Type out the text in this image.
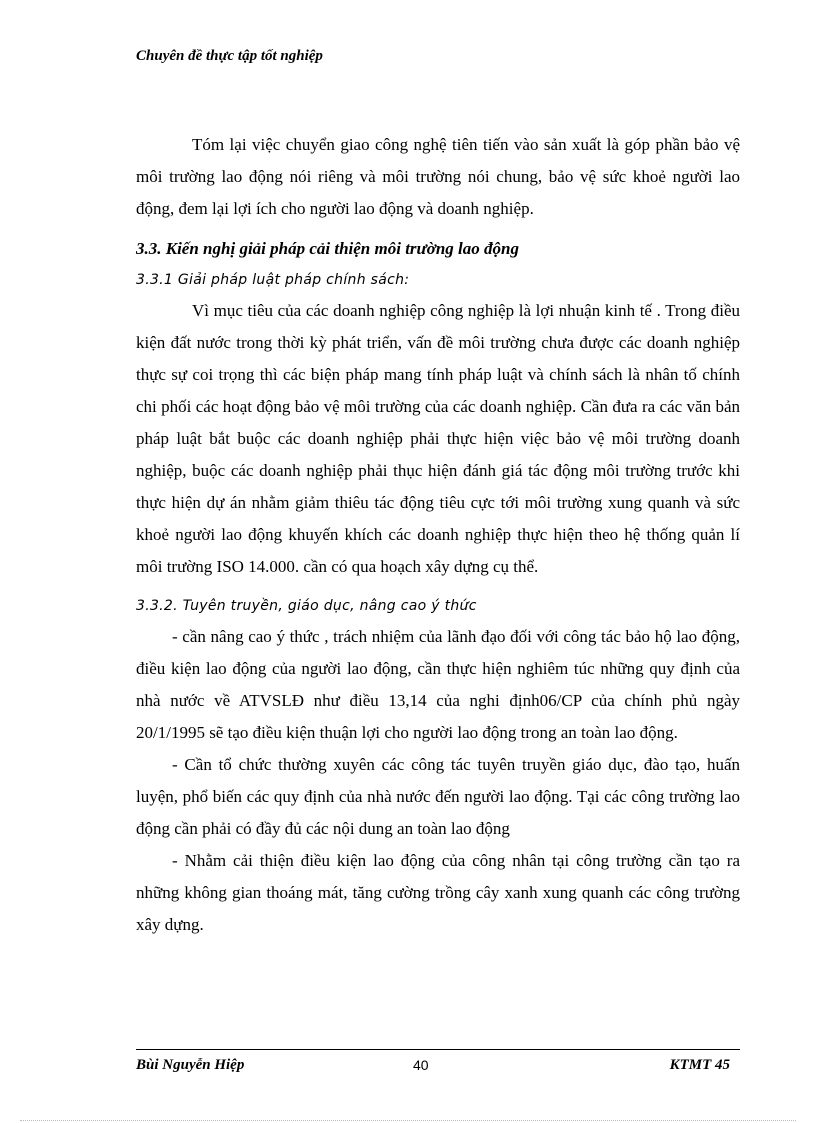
Chuyên đề thực tập tốt nghiệp

Tóm lại việc chuyển giao công nghệ tiên tiến vào sản xuất là góp phần bảo vệ môi trường lao động nói riêng và môi trường nói chung, bảo vệ sức khoẻ người lao động, đem lại lợi ích cho người lao động và doanh nghiệp.

3.3. Kiến nghị giải pháp cải thiện môi trường lao động

3.3.1 Giải pháp luật pháp chính sách:

Vì mục tiêu của các doanh nghiệp công nghiệp là lợi nhuận kinh tế . Trong điều kiện đất nước trong thời kỳ phát triển, vấn đề môi trường chưa được các doanh nghiệp thực sự coi trọng thì các biện pháp mang tính pháp luật và chính sách là nhân tố chính chi phối các hoạt động bảo vệ môi trường của các doanh nghiệp. Cần đưa ra các văn bản pháp luật bắt buộc các doanh nghiệp phải thực hiện việc bảo vệ môi trường doanh nghiệp, buộc các doanh nghiệp phải thục hiện đánh giá tác động môi trường trước khi thực hiện dự án nhằm giảm thiêu tác động tiêu cực tới môi trường xung quanh và sức khoẻ người lao động khuyến khích các doanh nghiệp thực hiện theo hệ thống quản lí môi trường ISO 14.000. cần có qua hoạch xây dựng cụ thể.

3.3.2. Tuyên truyền, giáo dục, nâng cao ý thức

- cần nâng cao ý thức , trách nhiệm của lãnh đạo đối với công tác bảo hộ lao động, điều kiện lao động của người lao động, cần thực hiện nghiêm túc những quy định của nhà nước về ATVSLĐ như điều 13,14 của nghi định06/CP của chính phủ ngày 20/1/1995 sẽ tạo điều kiện thuận lợi cho người lao động trong an toàn lao động.

- Cần tổ chức thường xuyên các công tác tuyên truyền giáo dục, đào tạo, huấn luyện, phổ biến các quy định của nhà nước đến người lao động. Tại các công trường lao động cần phải có đầy đủ các nội dung an toàn lao động

- Nhằm cải thiện điều kiện lao động của công nhân tại công trường cần tạo ra những không gian thoáng mát, tăng cường trồng cây xanh xung quanh các công trường xây dựng.

Bùi Nguyễn Hiệp	40	KTMT 45
